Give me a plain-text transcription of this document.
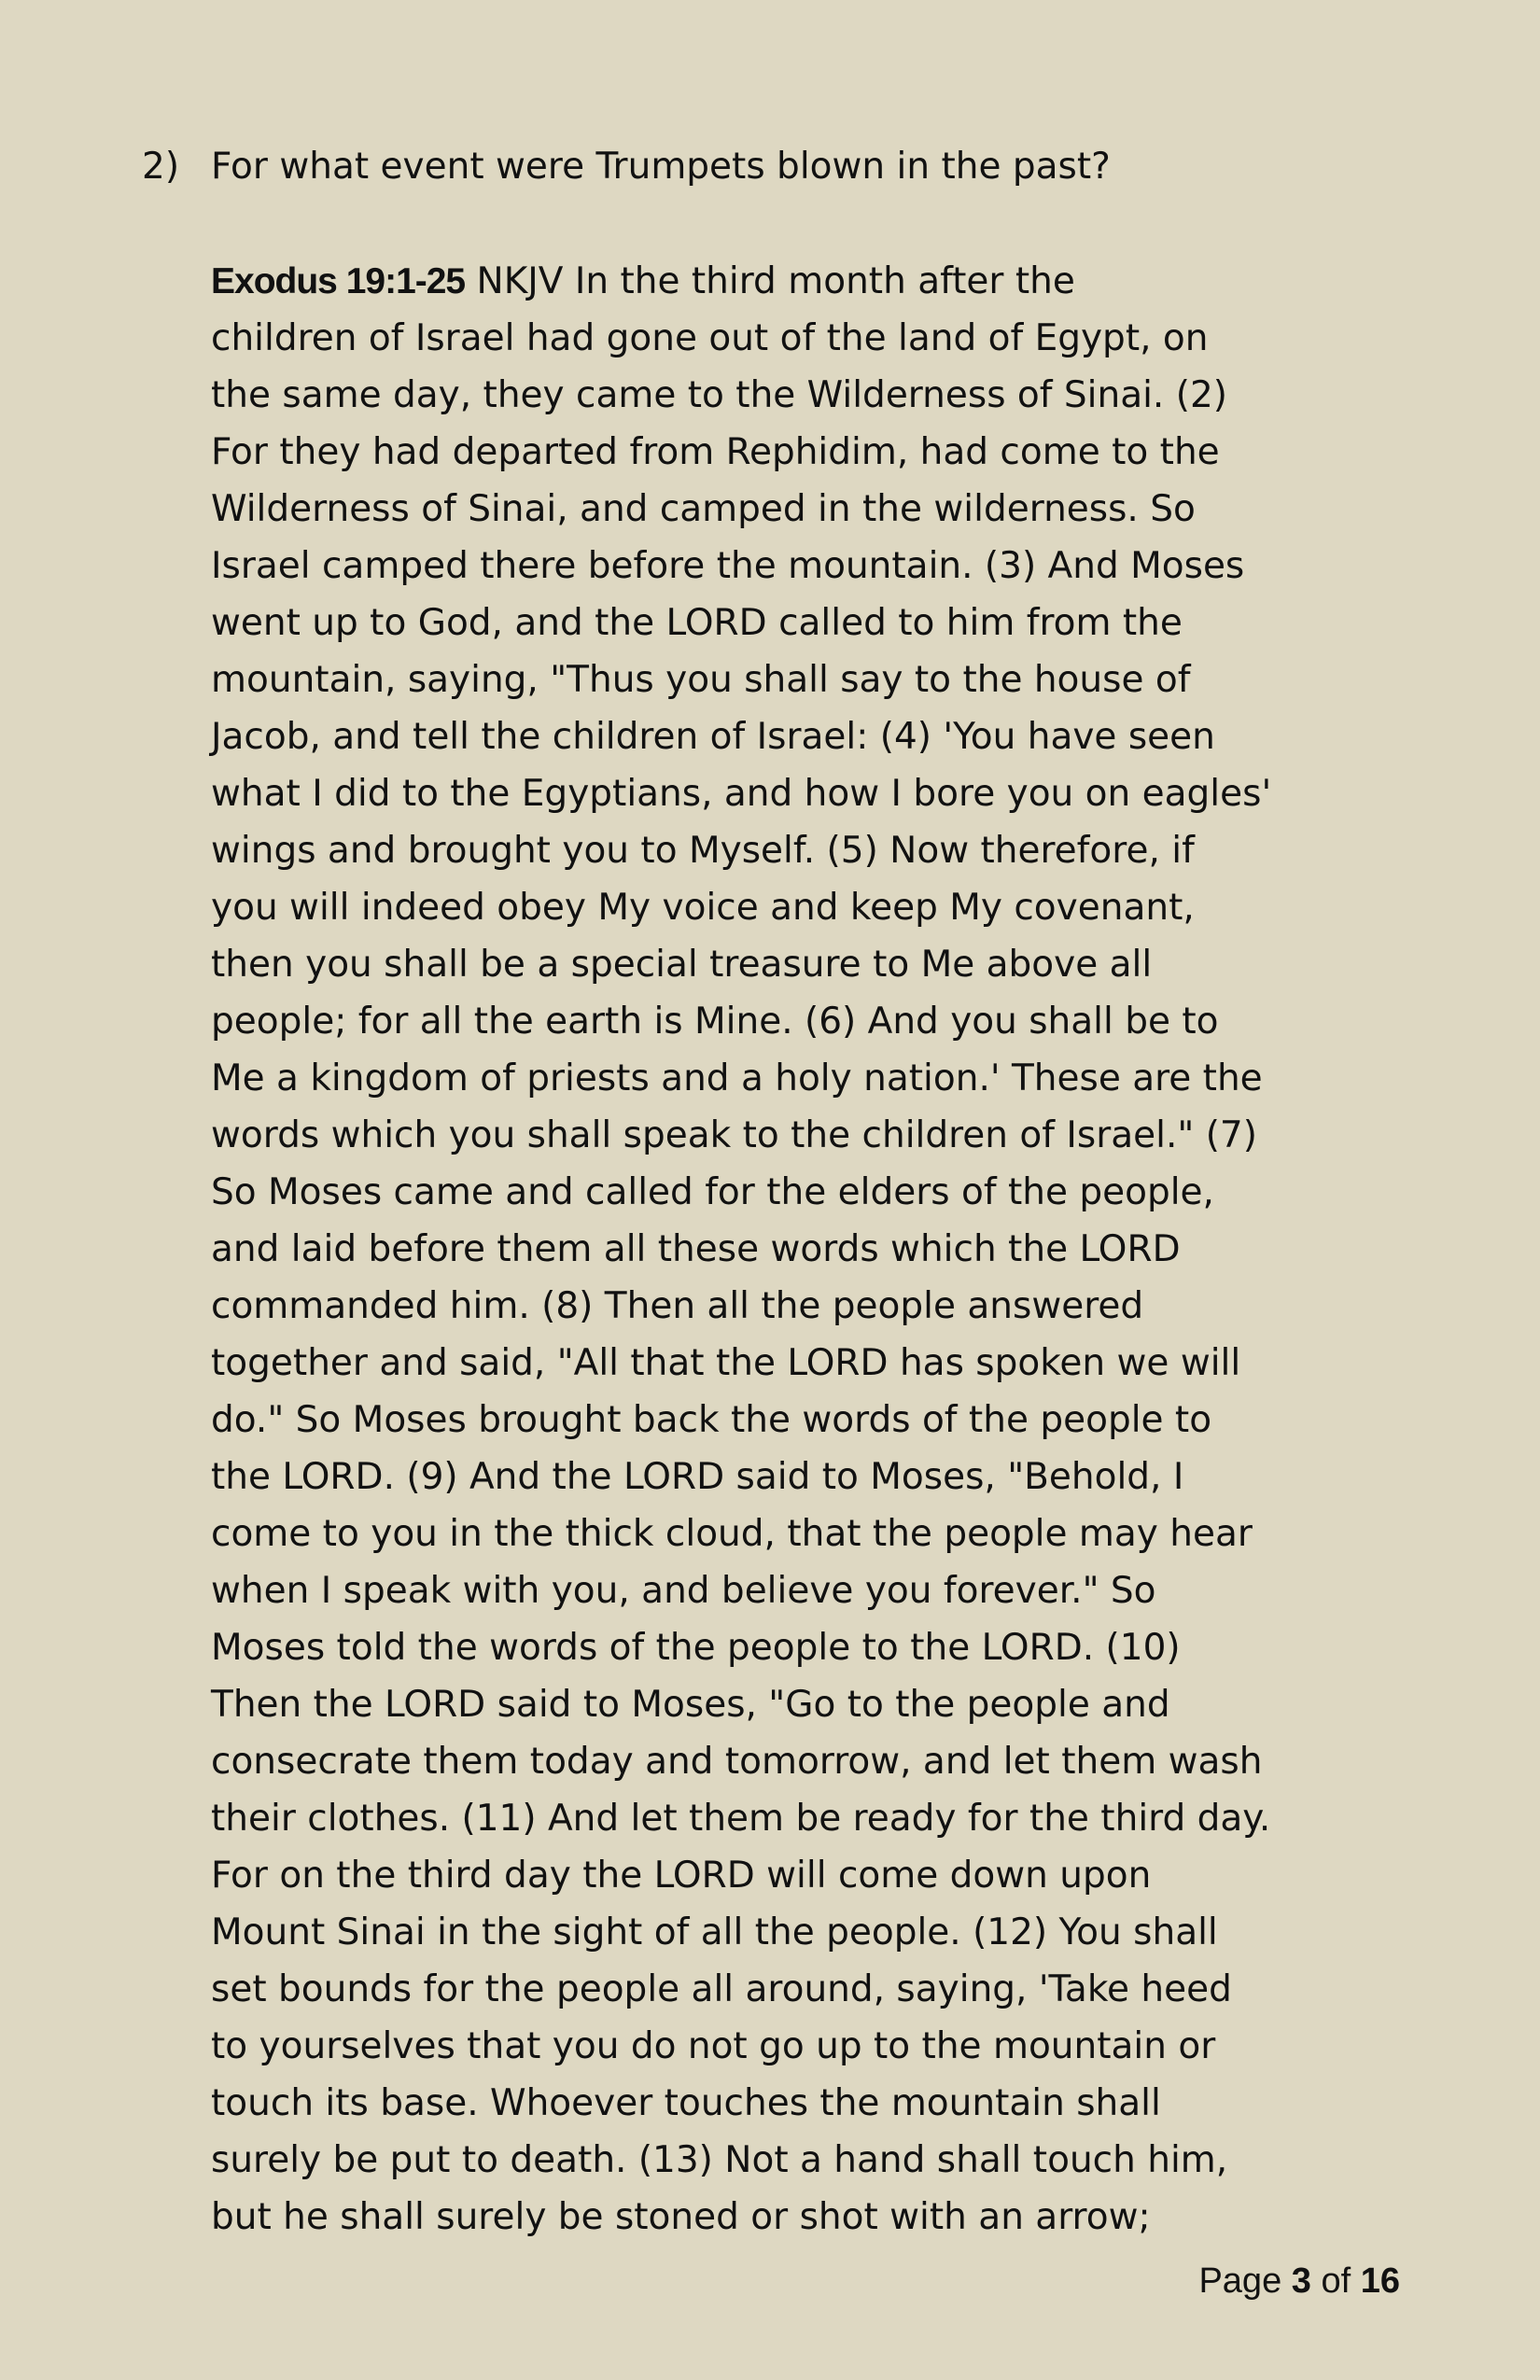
2) For what event were Trumpets blown in the past?
Exodus 19:1-25 NKJV In the third month after the
children of Israel had gone out of the land of Egypt, on
the same day, they came to the Wilderness of Sinai. (2)
For they had departed from Rephidim, had come to the
Wilderness of Sinai, and camped in the wilderness. So
Israel camped there before the mountain. (3) And Moses
went up to God, and the LORD called to him from the
mountain, saying, "Thus you shall say to the house of
Jacob, and tell the children of Israel: (4) 'You have seen
what I did to the Egyptians, and how I bore you on eagles'
wings and brought you to Myself. (5) Now therefore, if
you will indeed obey My voice and keep My covenant,
then you shall be a special treasure to Me above all
people; for all the earth is Mine. (6) And you shall be to
Me a kingdom of priests and a holy nation.' These are the
words which you shall speak to the children of Israel." (7)
So Moses came and called for the elders of the people,
and laid before them all these words which the LORD
commanded him. (8) Then all the people answered
together and said, "All that the LORD has spoken we will
do." So Moses brought back the words of the people to
the LORD. (9) And the LORD said to Moses, "Behold, I
come to you in the thick cloud, that the people may hear
when I speak with you, and believe you forever." So
Moses told the words of the people to the LORD. (10)
Then the LORD said to Moses, "Go to the people and
consecrate them today and tomorrow, and let them wash
their clothes. (11) And let them be ready for the third day.
For on the third day the LORD will come down upon
Mount Sinai in the sight of all the people. (12) You shall
set bounds for the people all around, saying, 'Take heed
to yourselves that you do not go up to the mountain or
touch its base. Whoever touches the mountain shall
surely be put to death. (13) Not a hand shall touch him,
but he shall surely be stoned or shot with an arrow;
Page 3 of 16
